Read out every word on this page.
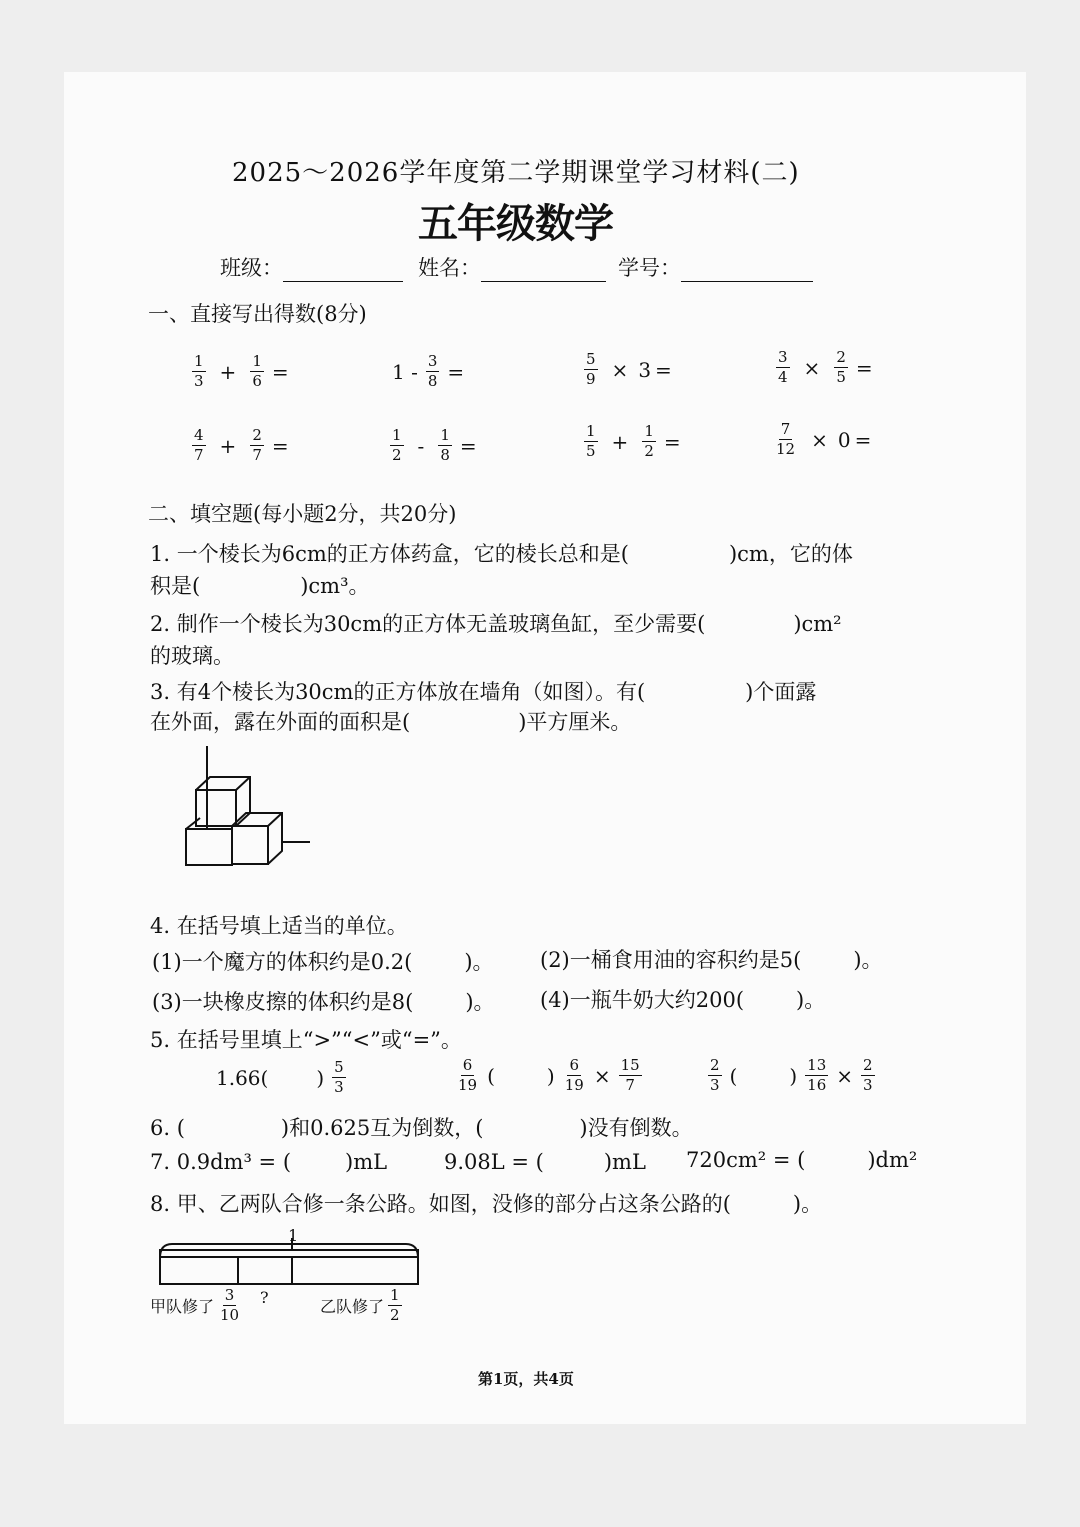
2025～2026学年度第二学期课堂学习材料(二)
五年级数学
班级：	姓名：	学号：
一、直接写出得数(8分)
$\frac{1}{3} + \frac{1}{6}$ =	$1 - \frac{3}{8}$ =	$\frac{5}{9} \times 3$ =	$\frac{3}{4} \times \frac{2}{5}$ =
$\frac{4}{7} + \frac{2}{7}$ =	$\frac{1}{2} - \frac{1}{8}$ =	$\frac{1}{5} + \frac{1}{2}$ =	$\frac{7}{12} \times 0$ =
二、填空题(每小题2分，共20分)
1. 一个棱长为6cm的正方体药盒，它的棱长总和是(	)cm，它的体
积是(	)cm³。
2. 制作一个棱长为30cm的正方体无盖玻璃鱼缸，至少需要(	)cm²
的玻璃。
3. 有4个棱长为30cm的正方体放在墙角（如图）。有(	)个面露
在外面，露在外面的面积是(	)平方厘米。
4. 在括号填上适当的单位。
(1)一个魔方的体积约是0.2( )。 (2)一桶食用油的容积约是5( )。
(3)一块橡皮擦的体积约是8( )。 (4)一瓶牛奶大约200( )。
5. 在括号里填上“>”“<”或“=”。
1.66( ) $\frac{5}{3}$	$\frac{6}{19}$ (	) $\frac{6}{19} \times \frac{15}{7}$	$\frac{2}{3}$ (	) $\frac{13}{16} \times \frac{2}{3}$
6. (	)和0.625互为倒数，(	)没有倒数。
7. 0.9dm³ = (	)mL	9.08L = (	)mL 720cm² = (	)dm²
8. 甲、乙两队合修一条公路。如图，没修的部分占这条公路的(	)。
1
甲队修了 $\frac{3}{10}$ ?	乙队修了 $\frac{1}{2}$
第1页，共4页
